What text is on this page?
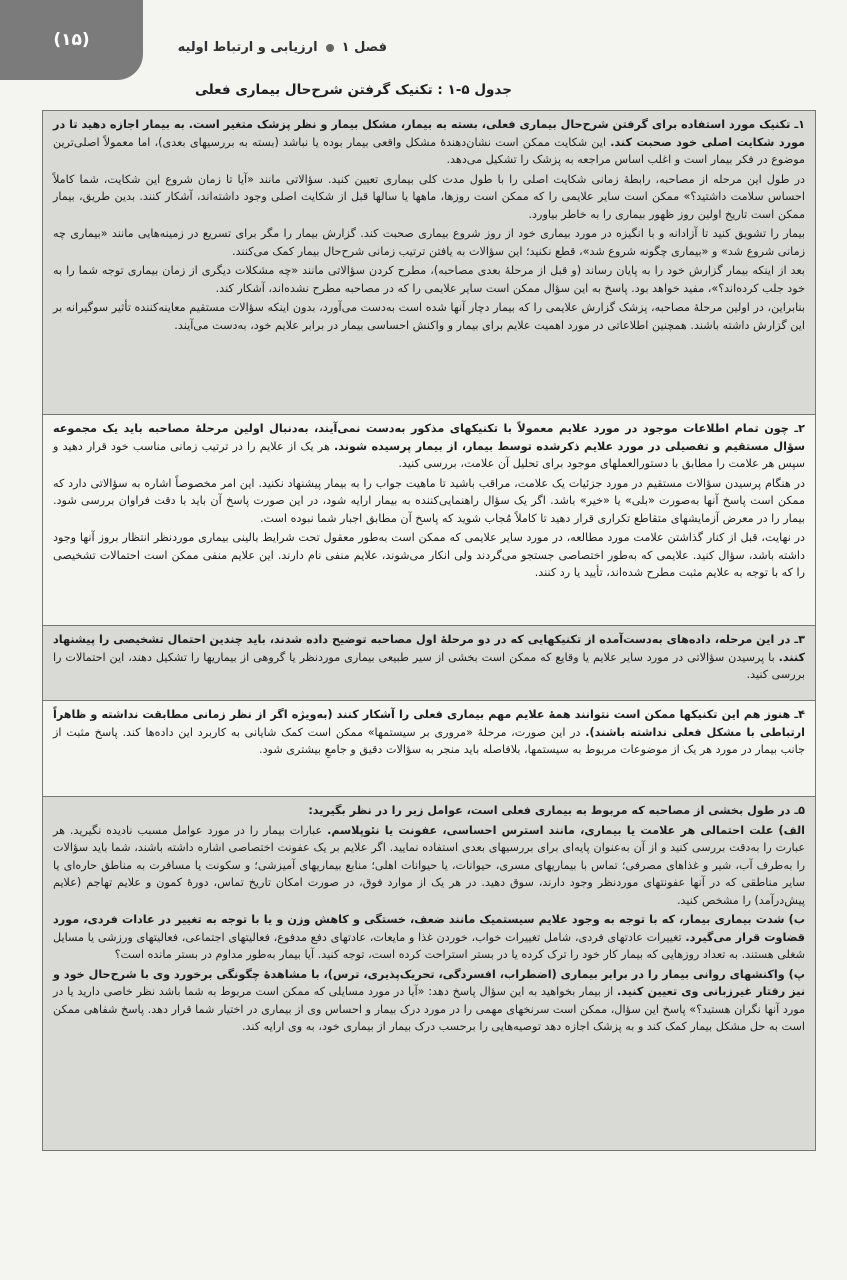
(۱۵)	فصل ۱
ارزیابی و ارتباط اولیه
جدول ۵-۱ : تکنیک گرفتن شرح‌حال بیماری فعلی

۱ـ تکنیک مورد استفاده برای گرفتن شرح‌حال بیماری فعلی، بسته به بیمار، مشکل بیمار و نظر پزشک متغیر است. به بیمار اجازه دهید تا در مورد شکایت اصلی خود صحبت کند. این شکایت ممکن است نشان‌دهندهٔ مشکل واقعی بیمار بوده یا نباشد (بسته به بررسیهای بعدی)، اما معمولاً اصلی‌ترین موضوع در فکر بیمار است و اغلب اساس مراجعه به پزشک را تشکیل می‌دهد.

در طول این مرحله از مصاحبه، رابطهٔ زمانی شکایت اصلی را با طول مدت کلی بیماری تعیین کنید. سؤالاتی مانند «آیا تا زمان شروع این شکایت، شما کاملاً احساس سلامت داشتید؟» ممکن است سایر علایمی را که ممکن است روزها، ماهها یا سالها قبل از شکایت اصلی وجود داشته‌اند، آشکار کنند. بدین طریق، بیمار ممکن است تاریخ اولین روز ظهور بیماری را به خاطر بیاورد.

بیمار را تشویق کنید تا آزادانه و با انگیزه در مورد بیماری خود از روز شروع بیماری صحبت کند. گزارش بیمار را مگر برای تسریع در زمینه‌هایی مانند «بیماری چه زمانی شروع شد» و «بیماری چگونه شروع شد»، قطع نکنید؛ این سؤالات به یافتن ترتیب زمانی شرح‌حال بیمار کمک می‌کنند.

بعد از اینکه بیمار گزارش خود را به پایان رساند (و قبل از مرحلهٔ بعدی مصاحبه)، مطرح کردن سؤالاتی مانند «چه مشکلات دیگری از زمان بیماری توجه شما را به خود جلب کرده‌اند؟»، مفید خواهد بود. پاسخ به این سؤال ممکن است سایر علایمی را که در مصاحبه مطرح نشده‌اند، آشکار کند.

بنابراین، در اولین مرحلهٔ مصاحبه، پزشک گزارش علایمی را که بیمار دچار آنها شده است به‌دست می‌آورد، بدون اینکه سؤالات مستقیم معاینه‌کننده تأثیر سوگیرانه بر این گزارش داشته باشند. همچنین اطلاعاتی در مورد اهمیت علایم برای بیمار و واکنش احساسی بیمار در برابر علایم خود، به‌دست می‌آیند.

۲ـ چون تمام اطلاعات موجود در مورد علایم معمولاً با تکنیکهای مذکور به‌دست نمی‌آیند، به‌دنبال اولین مرحلهٔ مصاحبه باید یک مجموعه سؤال مستقیم و تفصیلی در مورد علایم ذکرشده توسط بیمار، از بیمار پرسیده شوند. هر یک از علایم را در ترتیب زمانی مناسب خود قرار دهید و سپس هر علامت را مطابق با دستورالعملهای موجود برای تحلیل آن علامت، بررسی کنید.

در هنگام پرسیدن سؤالات مستقیم در مورد جزئیات یک علامت، مراقب باشید تا ماهیت جواب را به بیمار پیشنهاد نکنید. این امر مخصوصاً اشاره به سؤالاتی دارد که ممکن است پاسخ آنها به‌صورت «بلی» یا «خیر» باشد. اگر یک سؤال راهنمایی‌کننده به بیمار ارایه شود، در این صورت پاسخ آن باید با دقت فراوان بررسی شود. بیمار را در معرض آزمایشهای متقاطع تکراری قرار دهید تا کاملاً مُجاب شوید که پاسخ آن مطابق اجبار شما نبوده است.

در نهایت، قبل از کنار گذاشتن علامت مورد مطالعه، در مورد سایر علایمی که ممکن است به‌طور معقول تحت شرایط بالینی بیماری موردنظر انتظار بروز آنها وجود داشته باشد، سؤال کنید. علایمی که به‌طور اختصاصی جستجو می‌گردند ولی انکار می‌شوند، علایم منفی نام دارند. این علایم منفی ممکن است احتمالات تشخیصی را که با توجه به علایم مثبت مطرح شده‌اند، تأیید یا رد کنند.

۳ـ در این مرحله، داده‌های به‌دست‌آمده از تکنیکهایی که در دو مرحلهٔ اول مصاحبه توضیح داده شدند، باید چندین احتمال تشخیصی را پیشنهاد کنند. با پرسیدن سؤالاتی در مورد سایر علایم یا وقایع که ممکن است بخشی از سیر طبیعی بیماری موردنظر یا گروهی از بیماریها را تشکیل دهند، این احتمالات را بررسی کنید.

۴ـ هنوز هم این تکنیکها ممکن است نتوانند همهٔ علایم مهم بیماری فعلی را آشکار کنند (به‌ویژه اگر از نظر زمانی مطابقت نداشته و ظاهراً ارتباطی با مشکل فعلی نداشته باشند). در این صورت، مرحلهٔ «مروری بر سیستمها» ممکن است کمک شایانی به کاربرد این داده‌ها کند. پاسخ مثبت از جانب بیمار در مورد هر یک از موضوعات مربوط به سیستمها، بلافاصله باید منجر به سؤالات دقیق و جامعِ بیشتری شود.

۵ـ در طول بخشی از مصاحبه که مربوط به بیماری فعلی است، عوامل زیر را در نظر بگیرید:

الف) علت احتمالی هر علامت یا بیماری، مانند استرس احساسی، عفونت یا نئوپلاسم. عبارات بیمار را در مورد عوامل مسبب نادیده نگیرید. هر عبارت را به‌دقت بررسی کنید و از آن به‌عنوان پایه‌ای برای بررسیهای بعدی استفاده نمایید. اگر علایم بر یک عفونت اختصاصی اشاره داشته باشند، شما باید سؤالات را به‌طرف آب، شیر و غذاهای مصرفی؛ تماس با بیماریهای مسری، حیوانات، یا حیوانات اهلی؛ منابع بیماریهای آمیزشی؛ و سکونت یا مسافرت به مناطق حاره‌ای یا سایر مناطقی که در آنها عفونتهای موردنظر وجود دارند، سوق دهید. در هر یک از موارد فوق، در صورت امکان تاریخ تماس، دورهٔ کمون و علایم تهاجم (علایم پیش‌درآمد) را مشخص کنید.

ب) شدت بیماری بیمار، که با توجه به وجود علایم سیستمیک مانند ضعف، خستگی و کاهش وزن و یا با توجه به تغییر در عادات فردی، مورد قضاوت قرار می‌گیرد. تغییرات عادتهای فردی، شامل تغییرات خواب، خوردن غذا و مایعات، عادتهای دفع مدفوع، فعالیتهای اجتماعی، فعالیتهای ورزشی یا مسایل شغلی هستند. به تعداد روزهایی که بیمار کار خود را ترک کرده یا در بستر استراحت کرده است، توجه کنید. آیا بیمار به‌طور مداوم در بستر مانده است؟

پ) واکنشهای روانی بیمار را در برابر بیماری (اضطراب، افسردگی، تحریک‌پذیری، ترس)، با مشاهدهٔ چگونگی برخورد وی با شرح‌حال خود و نیز رفتار غیرزبانی وی تعیین کنید. از بیمار بخواهید به این سؤال پاسخ دهد: «آیا در مورد مسایلی که ممکن است مربوط به شما باشد نظر خاصی دارید یا در مورد آنها نگران هستید؟» پاسخ این سؤال، ممکن است سرنخهای مهمی را در مورد درک بیمار و احساس وی از بیماری در اختیار شما قرار دهد. پاسخ شفاهی ممکن است به حل مشکل بیمار کمک کند و به پزشک اجازه دهد توصیه‌هایی را برحسب درک بیمار از بیماری خود، به وی ارایه کند.
